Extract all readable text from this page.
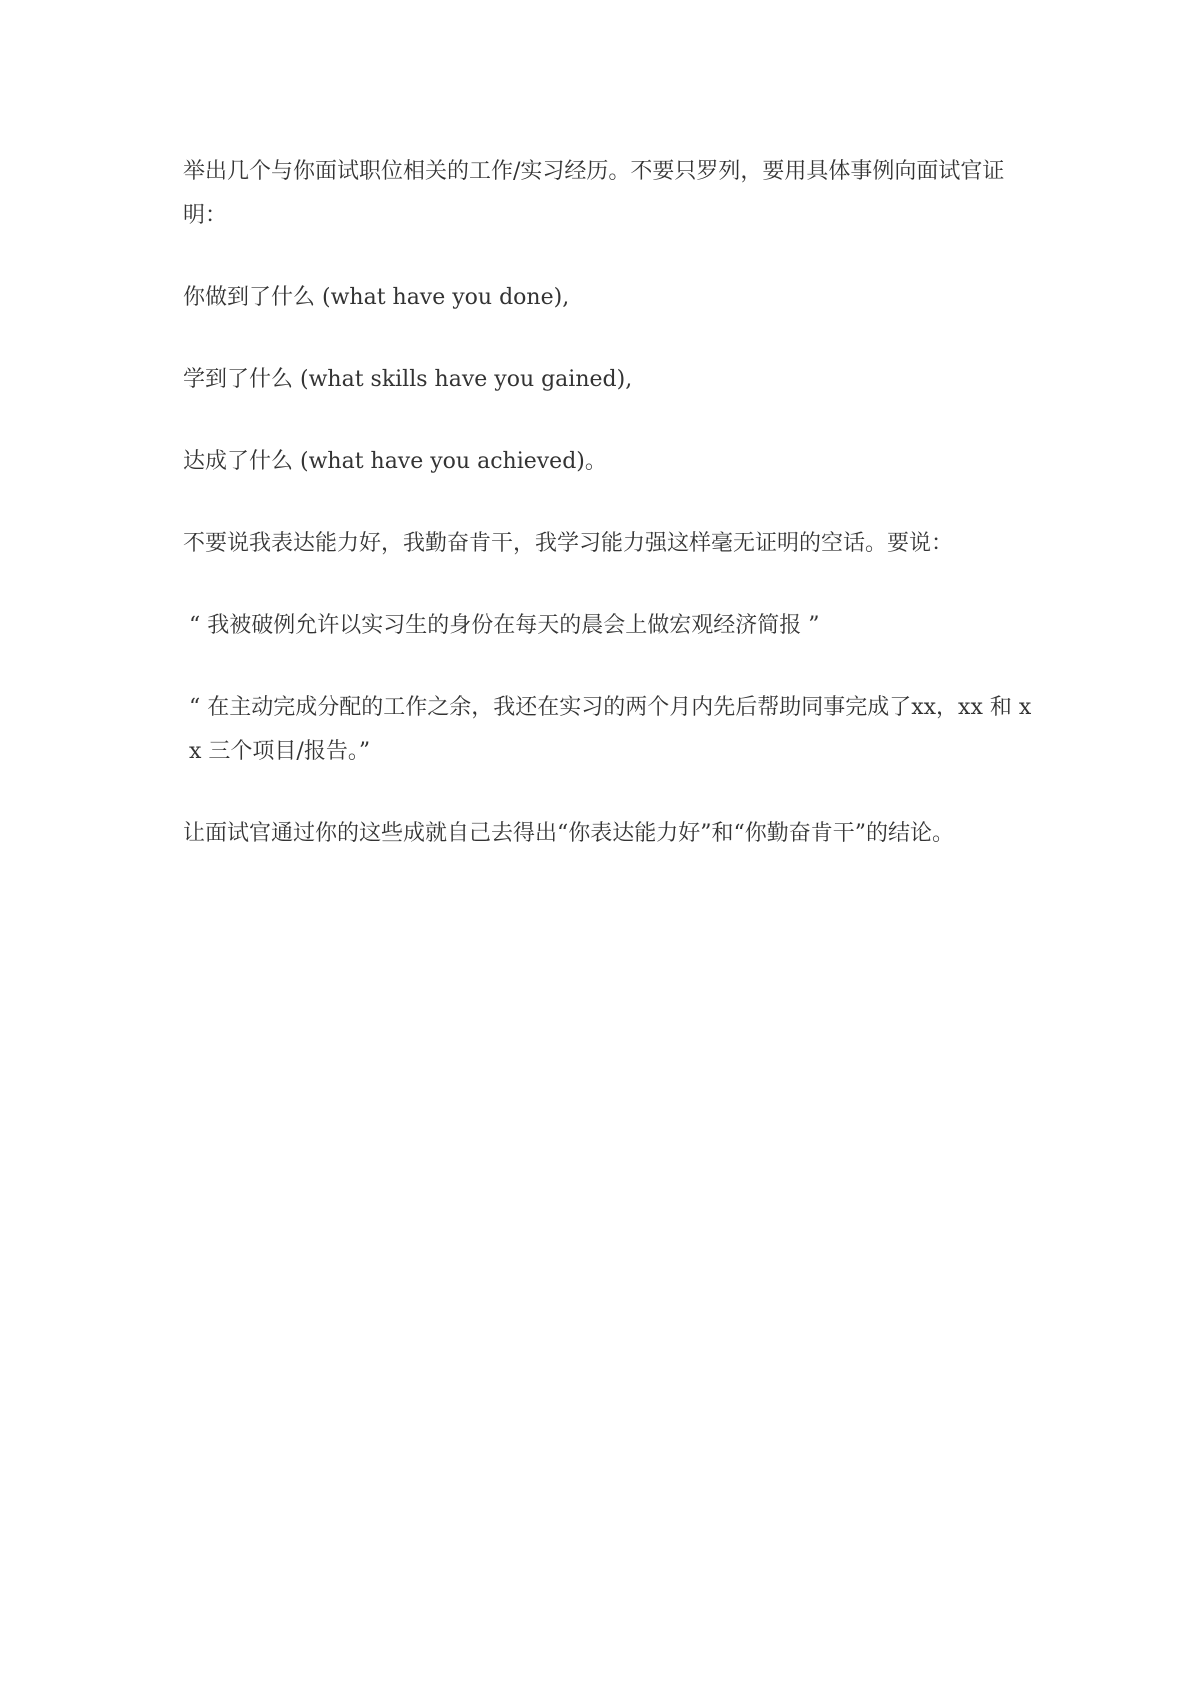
举出几个与你面试职位相关的工作/实习经历。不要只罗列，要用具体事例向面试官证明：

你做到了什么 (what have you done),

学到了什么 (what skills have you gained),

达成了什么 (what have you achieved)。

不要说我表达能力好，我勤奋肯干，我学习能力强这样毫无证明的空话。要说：

“ 我被破例允许以实习生的身份在每天的晨会上做宏观经济简报 ”

“ 在主动完成分配的工作之余，我还在实习的两个月内先后帮助同事完成了xx，xx 和 xx 三个项目/报告。”

让面试官通过你的这些成就自己去得出“你表达能力好”和“你勤奋肯干”的结论。
